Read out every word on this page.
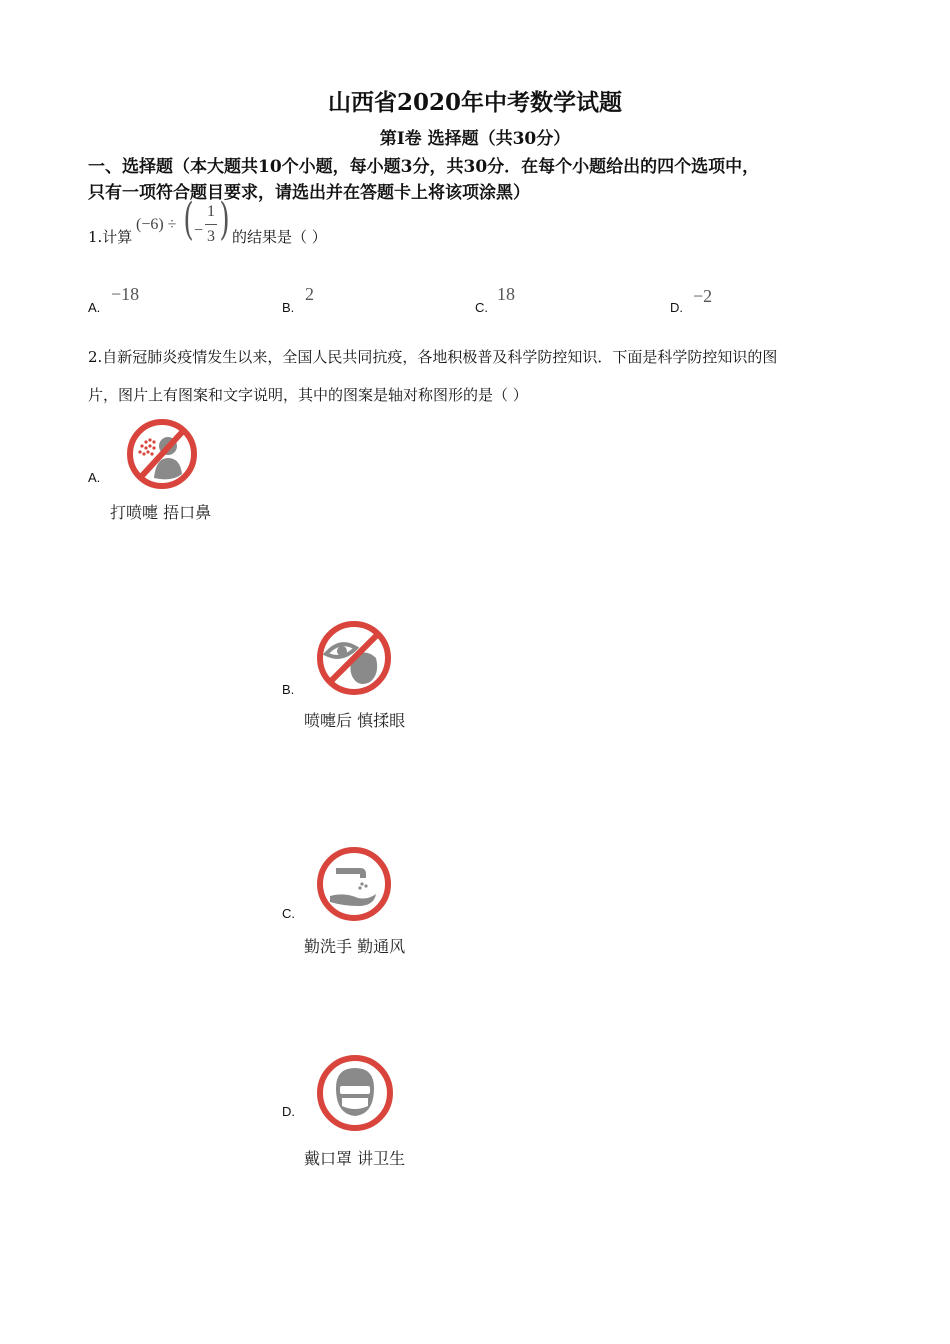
山西省2020年中考数学试题
第I卷 选择题（共30分）
一、选择题（本大题共10个小题，每小题3分，共30分．在每个小题给出的四个选项中，
只有一项符合题目要求，请选出并在答题卡上将该项涂黑）
1.计算
(−6) ÷ ( −
1
3 ) 的结果是（ ）
A.
−18
B.
2
C.
18
D.
−2
2.自新冠肺炎疫情发生以来，全国人民共同抗疫，各地积极普及科学防控知识．下面是科学防控知识的图
片，图片上有图案和文字说明，其中的图案是轴对称图形的是（ ）
A.
打喷嚏 捂口鼻
B.
喷嚏后 慎揉眼
C.
勤洗手 勤通风
D.
戴口罩 讲卫生
